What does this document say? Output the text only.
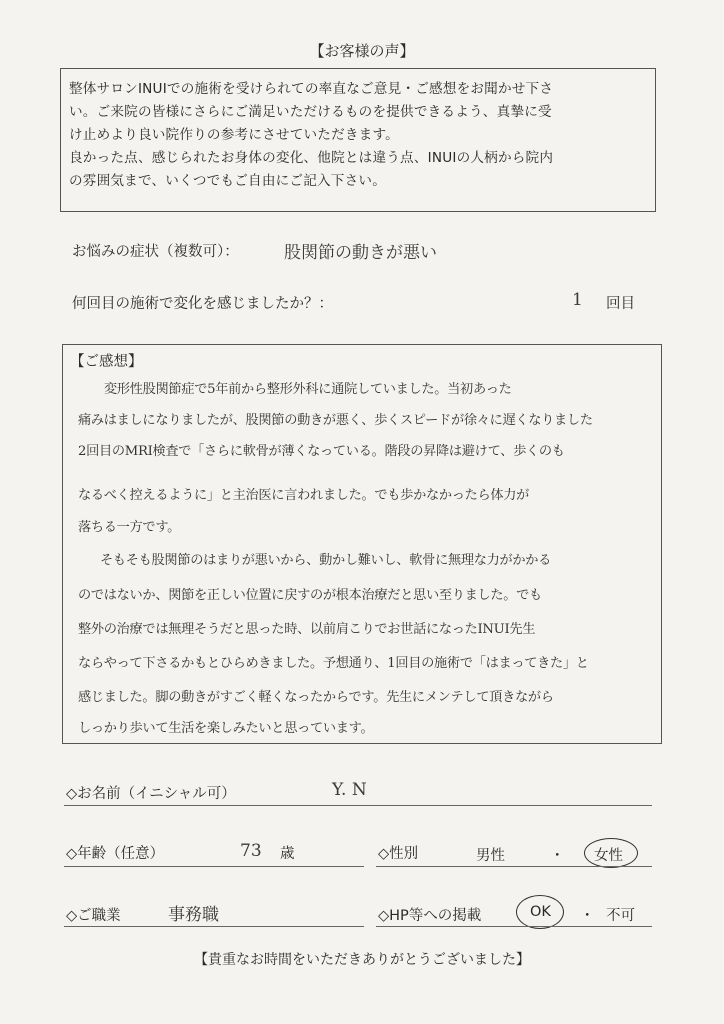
【お客様の声】
整体サロンINUIでの施術を受けられての率直なご意見・ご感想をお聞かせ下さ
い。ご来院の皆様にさらにご満足いただけるものを提供できるよう、真摯に受
け止めより良い院作りの参考にさせていただきます。
良かった点、感じられたお身体の変化、他院とは違う点、INUIの人柄から院内
の雰囲気まで、いくつでもご自由にご記入下さい。
お悩みの症状（複数可）：	股関節の動きが悪い
何回目の施術で変化を感じましたか？：	1 回目
【ご感想】
変形性股関節症で5年前から整形外科に通院していました。当初あった
痛みはましになりましたが、股関節の動きが悪く、歩くスピードが徐々に遅くなりました
2回目のMRI検査で「さらに軟骨が薄くなっている。階段の昇降は避けて、歩くのも
なるべく控えるように」と主治医に言われました。でも歩かなかったら体力が
落ちる一方です。
そもそも股関節のはまりが悪いから、動かし難いし、軟骨に無理な力がかかる
のではないか、関節を正しい位置に戻すのが根本治療だと思い至りました。でも
整外の治療では無理そうだと思った時、以前肩こりでお世話になったINUI先生
ならやって下さるかもとひらめきました。予想通り、1回目の施術で「はまってきた」と
感じました。脚の動きがすごく軽くなったからです。先生にメンテして頂きながら
しっかり歩いて生活を楽しみたいと思っています。
◇お名前（イニシャル可）	Y. N
◇年齢（任意）	73 歳	◇性別	男性	・ 女性
◇ご職業	事務職	◇HP等への掲載	OK ・ 不可
【貴重なお時間をいただきありがとうございました】
